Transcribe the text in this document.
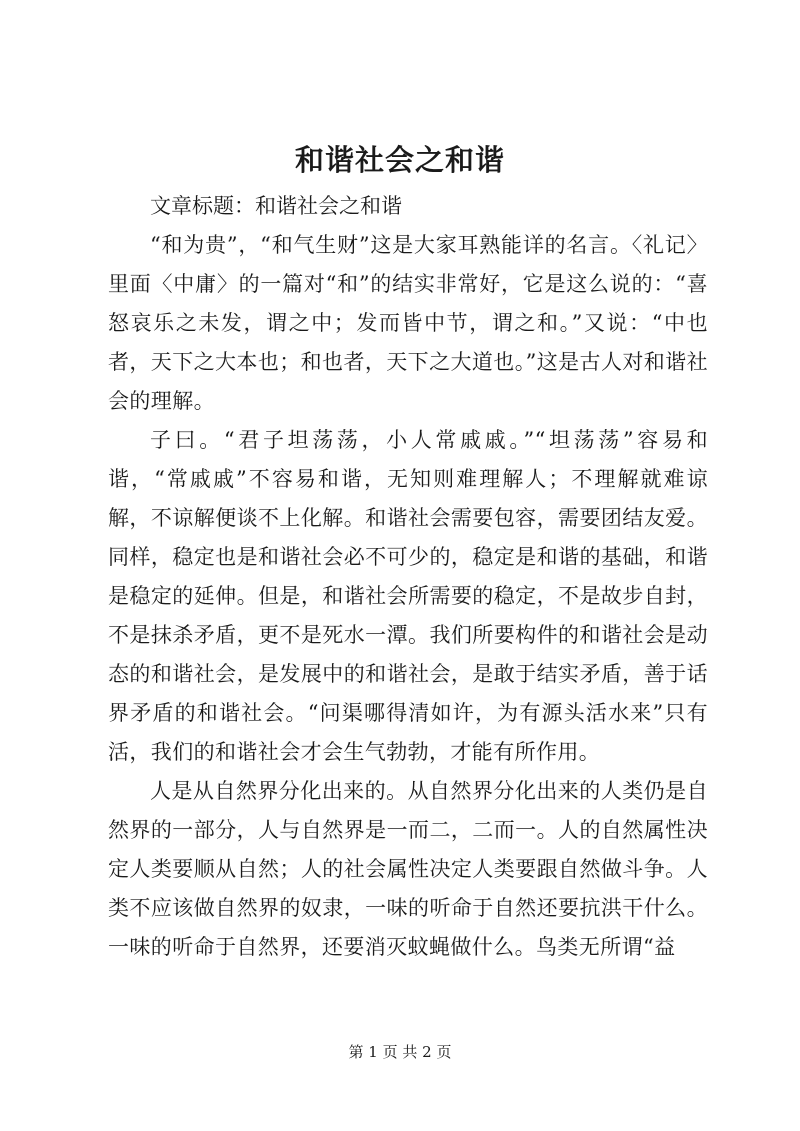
和谐社会之和谐
文章标题：和谐社会之和谐

“和为贵”，“和气生财”这是大家耳熟能详的名言。〈礼记〉里面〈中庸〉的一篇对“和”的结实非常好，它是这么说的：“喜怒哀乐之未发，谓之中；发而皆中节，谓之和。”又说：“中也者，天下之大本也；和也者，天下之大道也。”这是古人对和谐社会的理解。

子曰。“君子坦荡荡，小人常戚戚。”“坦荡荡”容易和谐，“常戚戚”不容易和谐，无知则难理解人；不理解就难谅解，不谅解便谈不上化解。和谐社会需要包容，需要团结友爱。同样，稳定也是和谐社会必不可少的，稳定是和谐的基础，和谐是稳定的延伸。但是，和谐社会所需要的稳定，不是故步自封，不是抹杀矛盾，更不是死水一潭。我们所要构件的和谐社会是动态的和谐社会，是发展中的和谐社会，是敢于结实矛盾，善于话界矛盾的和谐社会。“问渠哪得清如许，为有源头活水来”只有活，我们的和谐社会才会生气勃勃，才能有所作用。

人是从自然界分化出来的。从自然界分化出来的人类仍是自然界的一部分，人与自然界是一而二，二而一。人的自然属性决定人类要顺从自然；人的社会属性决定人类要跟自然做斗争。人类不应该做自然界的奴隶，一味的听命于自然还要抗洪干什么。一味的听命于自然界，还要消灭蚊蝇做什么。鸟类无所谓“益

第 1 页 共 2 页
